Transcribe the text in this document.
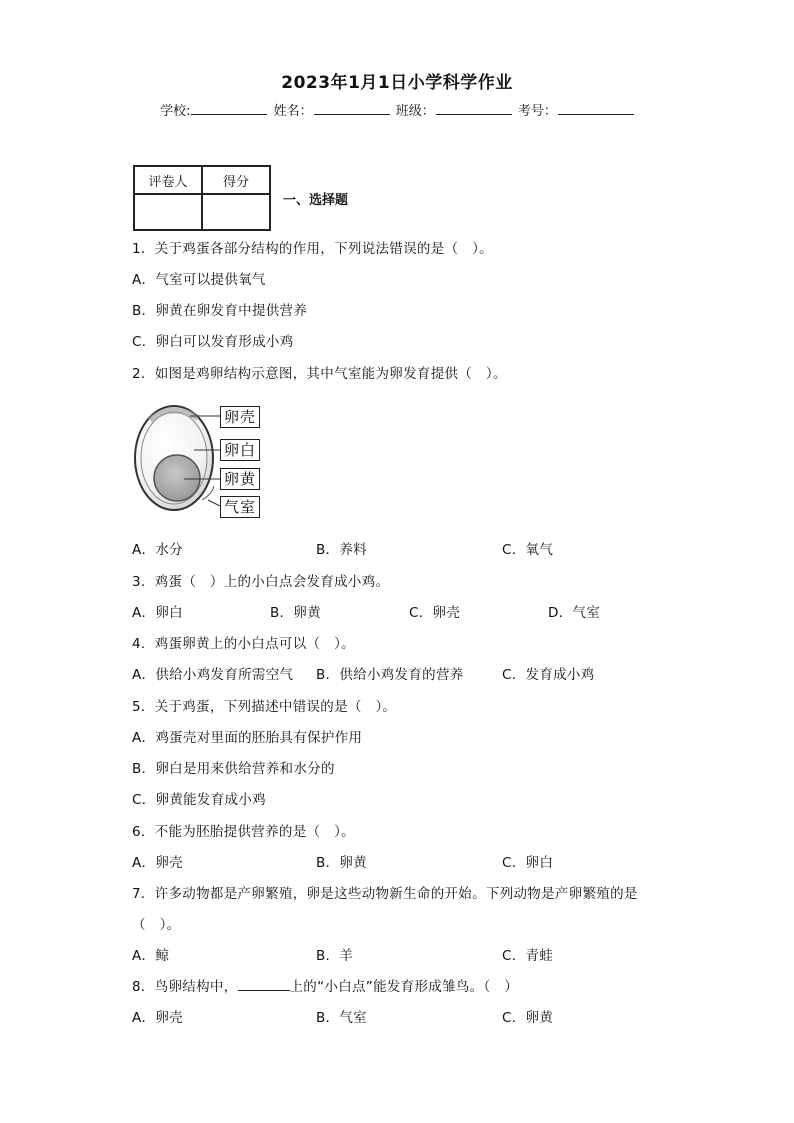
2023年1月1日小学科学作业
学校:	姓名：	班级：	考号：
评卷人	得分

一、选择题
1．关于鸡蛋各部分结构的作用，下列说法错误的是（　）。
A．气室可以提供氧气
B．卵黄在卵发育中提供营养
C．卵白可以发育形成小鸡
2．如图是鸡卵结构示意图，其中气室能为卵发育提供（　）。
卵壳
卵白
卵黄
气室
A．水分	B．养料	C．氧气
3．鸡蛋（　）上的小白点会发育成小鸡。
A．卵白	B．卵黄	C．卵壳	D．气室
4．鸡蛋卵黄上的小白点可以（　）。
A．供给小鸡发育所需空气 B．供给小鸡发育的营养	C．发育成小鸡
5．关于鸡蛋，下列描述中错误的是（　）。
A．鸡蛋壳对里面的胚胎具有保护作用
B．卵白是用来供给营养和水分的
C．卵黄能发育成小鸡
6．不能为胚胎提供营养的是（　）。
A．卵壳	B．卵黄	C．卵白
7．许多动物都是产卵繁殖，卵是这些动物新生命的开始。下列动物是产卵繁殖的是
（　）。
A．鲸	B．羊	C．青蛙
8．鸟卵结构中，	上的“小白点”能发育形成雏鸟。（　）
A．卵壳	B．气室	C．卵黄
